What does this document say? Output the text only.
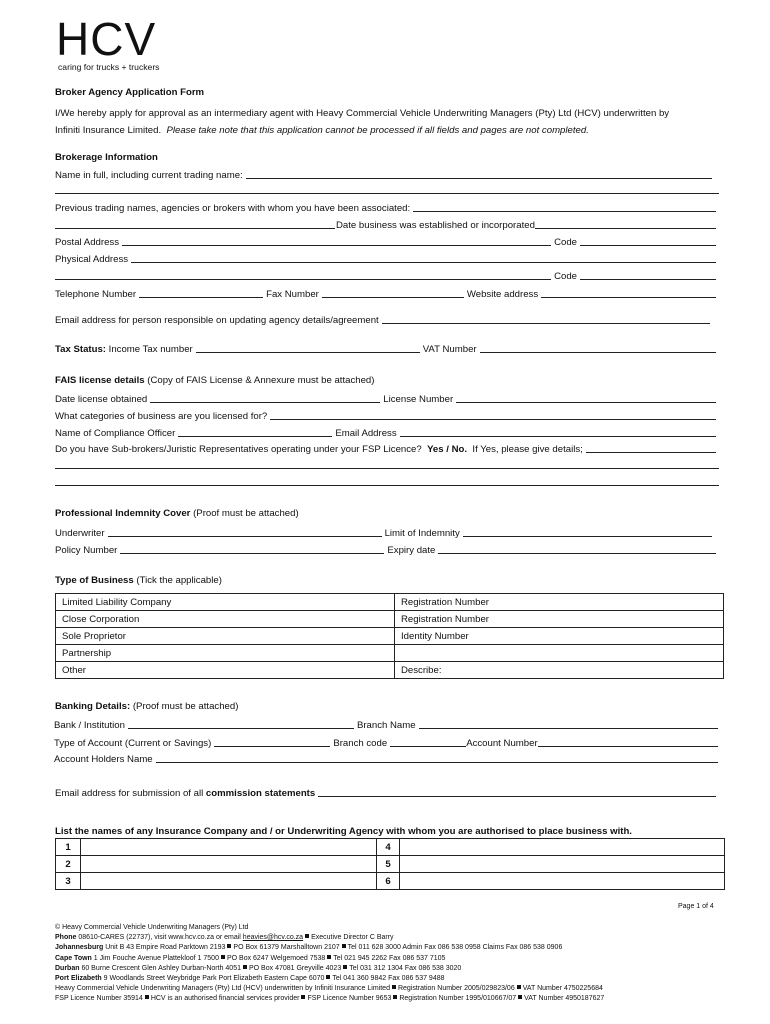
HCV
caring for trucks + truckers
Broker Agency Application Form
I/We hereby apply for approval as an intermediary agent with Heavy Commercial Vehicle Underwriting Managers (Pty) Ltd (HCV) underwritten by
Infiniti Insurance Limited. Please take note that this application cannot be processed if all fields and pages are not completed.
Brokerage Information
Name in full, including current trading name:
Previous trading names, agencies or brokers with whom you have been associated:
Date business was established or incorporated
Postal Address	Code
Physical Address
Code
Telephone Number	Fax Number	Website address
Email address for person responsible on updating agency details/agreement
Tax Status:
Income Tax number	VAT Number
FAIS license details (Copy of FAIS License & Annexure must be attached)
Date license obtained	License Number
What categories of business are you licensed for?
Name of Compliance Officer	Email Address
Do you have Sub-brokers/Juristic Representatives operating under your FSP Licence?
Yes / No.
If Yes, please give details;
Professional Indemnity Cover (Proof must be attached)
Underwriter	Limit of Indemnity
Policy Number	Expiry date
Type of Business (Tick the applicable)
Limited Liability Company	Registration Number
Close Corporation	Registration Number
Sole Proprietor	Identity Number
Partnership	
Other	Describe:
Banking Details: (Proof must be attached)
Bank / Institution	Branch Name
Type of Account (Current or Savings)	Branch code	Account Number
Account Holders Name
Email address for submission of all
commission statements
List the names of any Insurance Company and / or Underwriting Agency with whom you are authorised to place business with.
1		4	
2		5	
3		6	
Page 1 of 4
© Heavy Commercial Vehicle Underwriting Managers (Pty) Ltd
Phone 08610-CARES (22737), visit www.hcv.co.za or email heavies@hcv.co.za Executive Director C Barry
Johannesburg Unit B 43 Empire Road Parktown 2193 PO Box 61379 Marshalltown 2107 Tel 011 628 3000 Admin Fax 086 538 0958 Claims Fax 086 538 0906
Cape Town 1 Jim Fouche Avenue Plattekloof 1 7500 PO Box 6247 Welgemoed 7538 Tel 021 945 2262 Fax 086 537 7105
Durban 60 Burne Crescent Glen Ashley Durban-North 4051 PO Box 47081 Greyville 4023 Tel 031 312 1304 Fax 086 538 3020
Port Elizabeth 9 Woodlands Street Weybridge Park Port Elizabeth Eastern Cape 6070 Tel 041 360 9842 Fax 086 537 9488
Heavy Commercial Vehicle Underwriting Managers (Pty) Ltd (HCV) underwritten by Infiniti Insurance Limited Registration Number 2005/029823/06 VAT Number 4750225684
FSP Licence Number 35914 HCV is an authorised financial services provider FSP Licence Number 9653 Registration Number 1995/010667/07 VAT Number 4950187627
